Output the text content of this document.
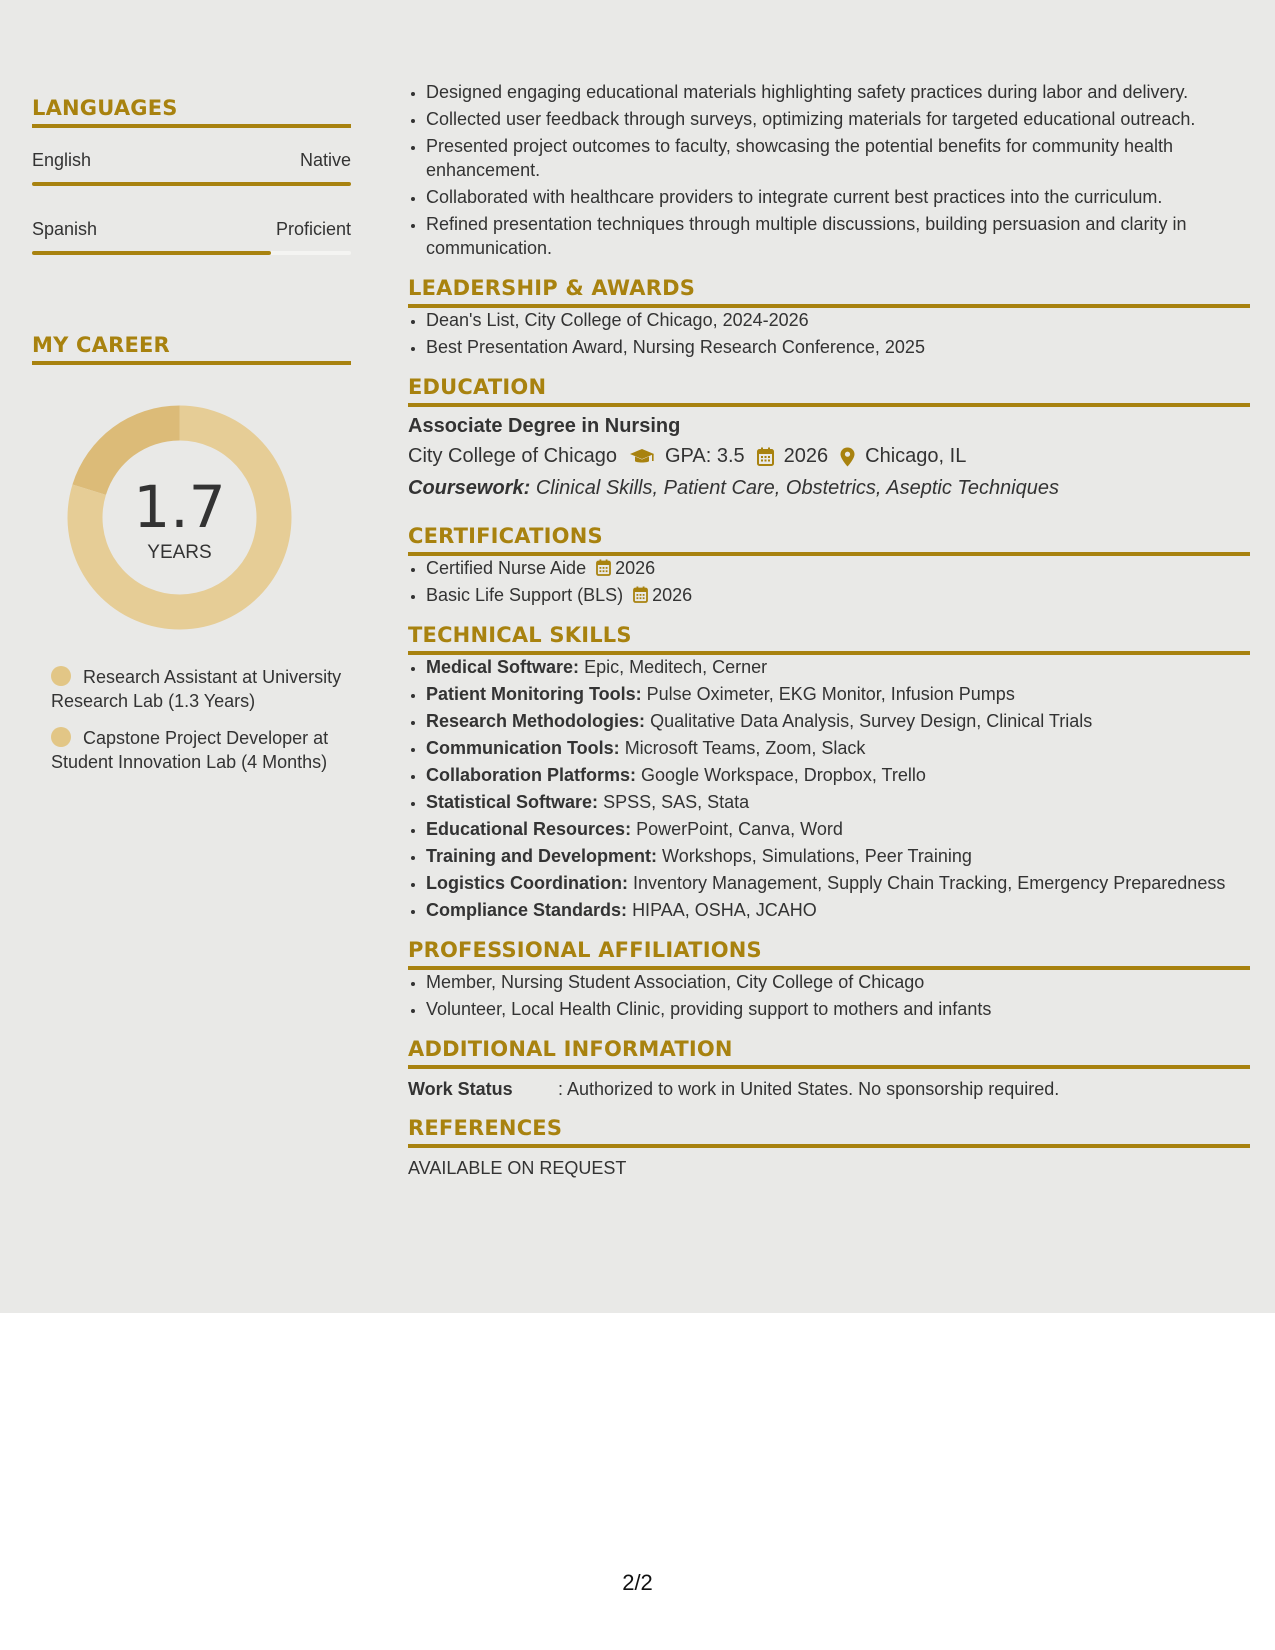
LANGUAGES
English	Native
Spanish	Proficient
MY CAREER
1.7
YEARS
Research Assistant at University Research Lab (1.3 Years)
Capstone Project Developer at Student Innovation Lab (4 Months)
• Designed engaging educational materials highlighting safety practices during labor and delivery.
• Collected user feedback through surveys, optimizing materials for targeted educational outreach.
• Presented project outcomes to faculty, showcasing the potential benefits for community health enhancement.
• Collaborated with healthcare providers to integrate current best practices into the curriculum.
• Refined presentation techniques through multiple discussions, building persuasion and clarity in communication.
LEADERSHIP & AWARDS
• Dean's List, City College of Chicago, 2024-2026
• Best Presentation Award, Nursing Research Conference, 2025
EDUCATION
Associate Degree in Nursing
City College of Chicago GPA: 3.5 2026 Chicago, IL
Coursework: Clinical Skills, Patient Care, Obstetrics, Aseptic Techniques
CERTIFICATIONS
• Certified Nurse Aide 2026
• Basic Life Support (BLS) 2026
TECHNICAL SKILLS
• Medical Software: Epic, Meditech, Cerner
• Patient Monitoring Tools: Pulse Oximeter, EKG Monitor, Infusion Pumps
• Research Methodologies: Qualitative Data Analysis, Survey Design, Clinical Trials
• Communication Tools: Microsoft Teams, Zoom, Slack
• Collaboration Platforms: Google Workspace, Dropbox, Trello
• Statistical Software: SPSS, SAS, Stata
• Educational Resources: PowerPoint, Canva, Word
• Training and Development: Workshops, Simulations, Peer Training
• Logistics Coordination: Inventory Management, Supply Chain Tracking, Emergency Preparedness
• Compliance Standards: HIPAA, OSHA, JCAHO
PROFESSIONAL AFFILIATIONS
• Member, Nursing Student Association, City College of Chicago
• Volunteer, Local Health Clinic, providing support to mothers and infants
ADDITIONAL INFORMATION
Work Status	: Authorized to work in United States. No sponsorship required.
REFERENCES
AVAILABLE ON REQUEST
2/2
